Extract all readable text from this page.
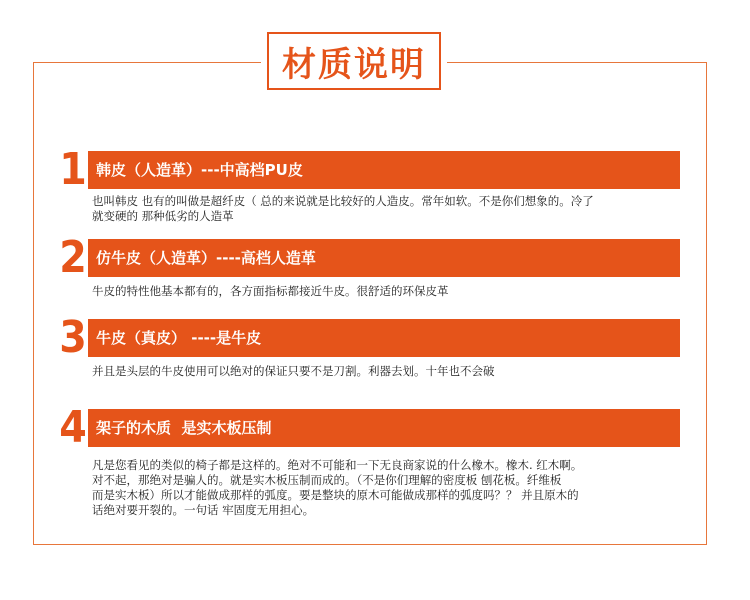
材质说明
1 韩皮（人造革）---中高档PU皮

也叫韩皮 也有的叫做是超纤皮（ 总的来说就是比较好的人造皮。常年如软。不是你们想象的。冷了

就变硬的 那种低劣的人造革

2 仿牛皮（人造革）----高档人造革

牛皮的特性他基本都有的，各方面指标都接近牛皮。很舒适的环保皮革

3 牛皮（真皮） ----是牛皮

并且是头层的牛皮使用可以绝对的保证只要不是刀割。利器去划。十年也不会破

4 架子的木质  是实木板压制

凡是您看见的类似的椅子都是这样的。绝对不可能和一下无良商家说的什么橡木。橡木. 红木啊。

对不起，那绝对是骗人的。就是实木板压制而成的。（不是你们理解的密度板 刨花板。纤维板

而是实木板）所以才能做成那样的弧度。要是整块的原木可能做成那样的弧度吗？？ 并且原木的

话绝对要开裂的。一句话 牢固度无用担心。
